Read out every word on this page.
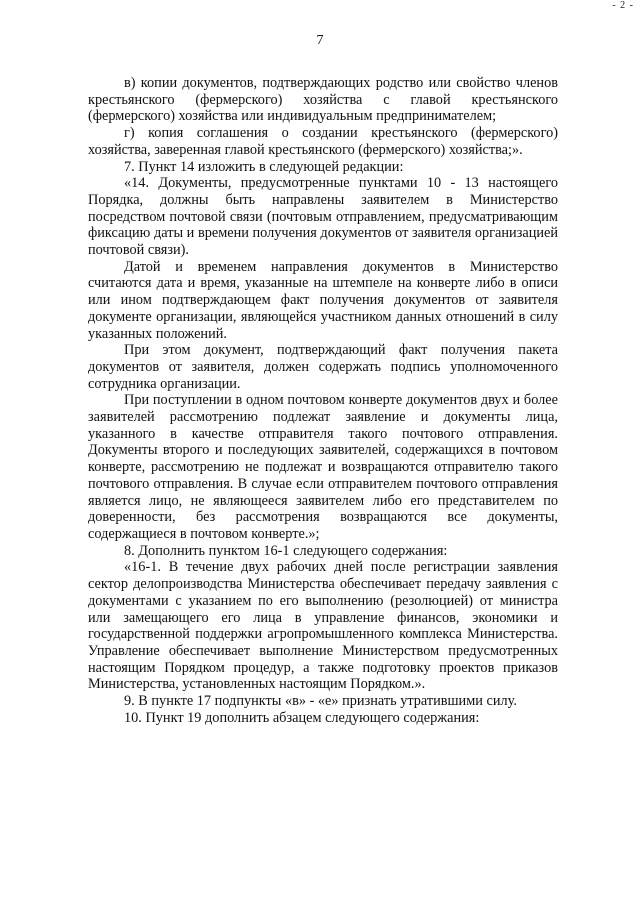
- 2 -
7

в) копии документов, подтверждающих родство или свойство членов крестьянского (фермерского) хозяйства с главой крестьянского (фермерского) хозяйства или индивидуальным предпринимателем;

г) копия соглашения о создании крестьянского (фермерского) хозяйства, заверенная главой крестьянского (фермерского) хозяйства;».

7. Пункт 14 изложить в следующей редакции:

«14. Документы, предусмотренные пунктами 10 - 13 настоящего Порядка, должны быть направлены заявителем в Министерство посредством почтовой связи (почтовым отправлением, предусматривающим фиксацию даты и времени получения документов от заявителя организацией почтовой связи).

Датой и временем направления документов в Министерство считаются дата и время, указанные на штемпеле на конверте либо в описи или ином подтверждающем факт получения документов от заявителя документе организации, являющейся участником данных отношений в силу указанных положений.

При этом документ, подтверждающий факт получения пакета документов от заявителя, должен содержать подпись уполномоченного сотрудника организации.

При поступлении в одном почтовом конверте документов двух и более заявителей рассмотрению подлежат заявление и документы лица, указанного в качестве отправителя такого почтового отправления. Документы второго и последующих заявителей, содержащихся в почтовом конверте, рассмотрению не подлежат и возвращаются отправителю такого почтового отправления. В случае если отправителем почтового отправления является лицо, не являющееся заявителем либо его представителем по доверенности, без рассмотрения возвращаются все документы, содержащиеся в почтовом конверте.»;

8. Дополнить пунктом 16-1 следующего содержания:

«16-1. В течение двух рабочих дней после регистрации заявления сектор делопроизводства Министерства обеспечивает передачу заявления с документами с указанием по его выполнению (резолюцией) от министра или замещающего его лица в управление финансов, экономики и государственной поддержки агропромышленного комплекса Министерства. Управление обеспечивает выполнение Министерством предусмотренных настоящим Порядком процедур, а также подготовку проектов приказов Министерства, установленных настоящим Порядком.».

9. В пункте 17 подпункты «в» - «е» признать утратившими силу.

10. Пункт 19 дополнить абзацем следующего содержания:
